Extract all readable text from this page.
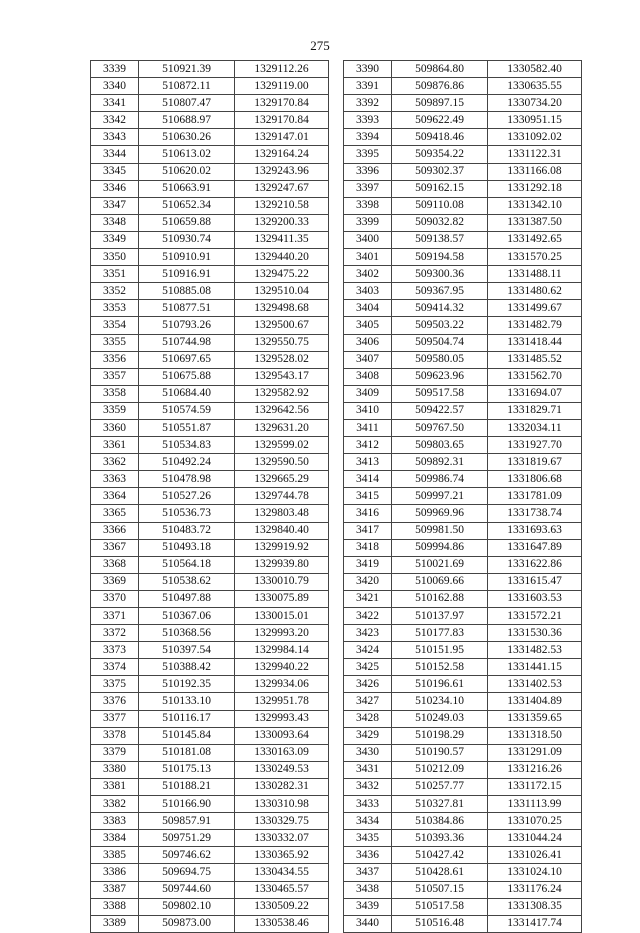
275
3339	510921.39	1329112.26
3340	510872.11	1329119.00
3341	510807.47	1329170.84
3342	510688.97	1329170.84
3343	510630.26	1329147.01
3344	510613.02	1329164.24
3345	510620.02	1329243.96
3346	510663.91	1329247.67
3347	510652.34	1329210.58
3348	510659.88	1329200.33
3349	510930.74	1329411.35
3350	510910.91	1329440.20
3351	510916.91	1329475.22
3352	510885.08	1329510.04
3353	510877.51	1329498.68
3354	510793.26	1329500.67
3355	510744.98	1329550.75
3356	510697.65	1329528.02
3357	510675.88	1329543.17
3358	510684.40	1329582.92
3359	510574.59	1329642.56
3360	510551.87	1329631.20
3361	510534.83	1329599.02
3362	510492.24	1329590.50
3363	510478.98	1329665.29
3364	510527.26	1329744.78
3365	510536.73	1329803.48
3366	510483.72	1329840.40
3367	510493.18	1329919.92
3368	510564.18	1329939.80
3369	510538.62	1330010.79
3370	510497.88	1330075.89
3371	510367.06	1330015.01
3372	510368.56	1329993.20
3373	510397.54	1329984.14
3374	510388.42	1329940.22
3375	510192.35	1329934.06
3376	510133.10	1329951.78
3377	510116.17	1329993.43
3378	510145.84	1330093.64
3379	510181.08	1330163.09
3380	510175.13	1330249.53
3381	510188.21	1330282.31
3382	510166.90	1330310.98
3383	509857.91	1330329.75
3384	509751.29	1330332.07
3385	509746.62	1330365.92
3386	509694.75	1330434.55
3387	509744.60	1330465.57
3388	509802.10	1330509.22
3389	509873.00	1330538.46
3390	509864.80	1330582.40
3391	509876.86	1330635.55
3392	509897.15	1330734.20
3393	509622.49	1330951.15
3394	509418.46	1331092.02
3395	509354.22	1331122.31
3396	509302.37	1331166.08
3397	509162.15	1331292.18
3398	509110.08	1331342.10
3399	509032.82	1331387.50
3400	509138.57	1331492.65
3401	509194.58	1331570.25
3402	509300.36	1331488.11
3403	509367.95	1331480.62
3404	509414.32	1331499.67
3405	509503.22	1331482.79
3406	509504.74	1331418.44
3407	509580.05	1331485.52
3408	509623.96	1331562.70
3409	509517.58	1331694.07
3410	509422.57	1331829.71
3411	509767.50	1332034.11
3412	509803.65	1331927.70
3413	509892.31	1331819.67
3414	509986.74	1331806.68
3415	509997.21	1331781.09
3416	509969.96	1331738.74
3417	509981.50	1331693.63
3418	509994.86	1331647.89
3419	510021.69	1331622.86
3420	510069.66	1331615.47
3421	510162.88	1331603.53
3422	510137.97	1331572.21
3423	510177.83	1331530.36
3424	510151.95	1331482.53
3425	510152.58	1331441.15
3426	510196.61	1331402.53
3427	510234.10	1331404.89
3428	510249.03	1331359.65
3429	510198.29	1331318.50
3430	510190.57	1331291.09
3431	510212.09	1331216.26
3432	510257.77	1331172.15
3433	510327.81	1331113.99
3434	510384.86	1331070.25
3435	510393.36	1331044.24
3436	510427.42	1331026.41
3437	510428.61	1331024.10
3438	510507.15	1331176.24
3439	510517.58	1331308.35
3440	510516.48	1331417.74
